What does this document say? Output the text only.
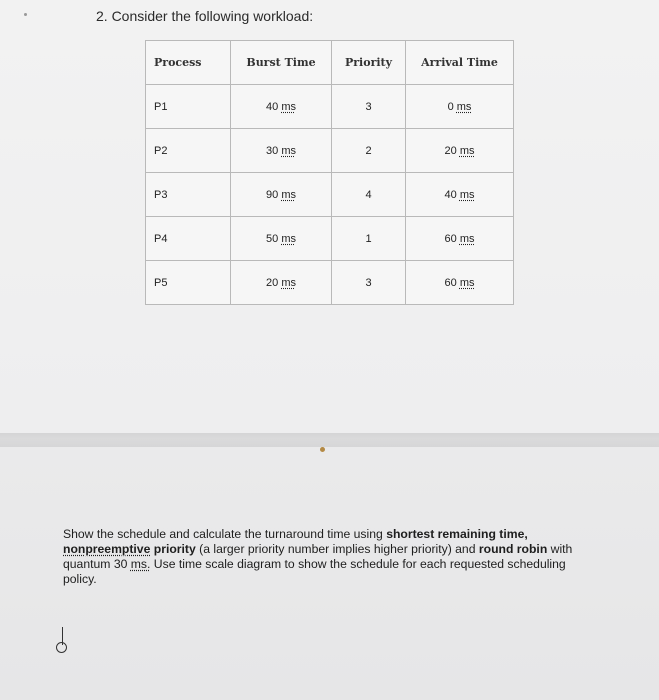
2. Consider the following workload:
Process	Burst Time	Priority	Arrival Time
P1	40 ms	3	0 ms
P2	30 ms	2	20 ms
P3	90 ms	4	40 ms
P4	50 ms	1	60 ms
P5	20 ms	3	60 ms

Show the schedule and calculate the turnaround time using shortest remaining time, nonpreemptive priority (a larger priority number implies higher priority) and round robin with quantum 30 ms. Use time scale diagram to show the schedule for each requested scheduling policy.
